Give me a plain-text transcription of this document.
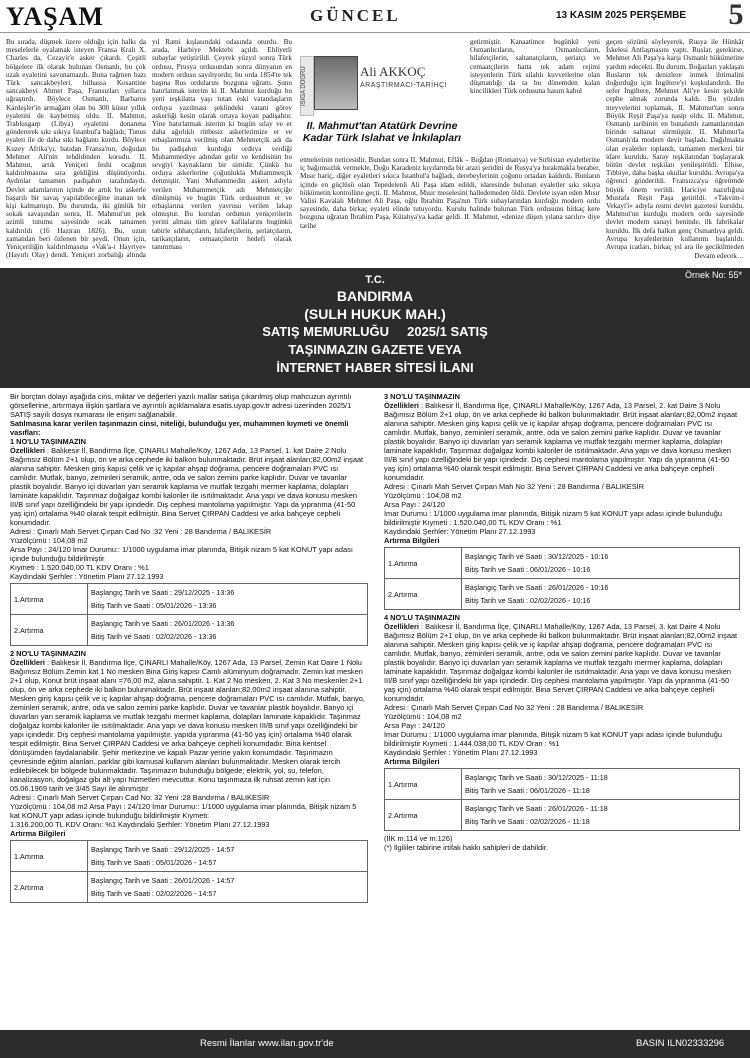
YAŞAM	GÜNCEL	13 KASIM 2025 PERŞEMBE 5

Bu sırada, düşmek üzere olduğu için halkı da meselelerle oyalamak isteyen Fransa Kralı X. Charles da, Cezayir'e asker çıkardı. Çeşitli bölgelere ilk olarak bulunan Osmanlı, bu çok uzak eyaletini savunamazdı. Buna rağmen bazı Türk sancakbeyleri, bilhassa Kosantine sancakbeyi Ahmet Paşa, Fransızları yıllarca uğraştırdı. Böylece Osmanlı, Barbaros Kardeşler'in armağanı olan bu 300 küsur yıllık eyaletini de kaybetmiş oldu. II. Mahmut, Trablusgarp (Libya) eyaletini donanma göndererek sıkı sıkıya İstanbul'a bağladı; Tunus eyaleti ile de daha sıkı bağlantı kurdu. Böylece Kuzey Afrika'yı, batıdan Fransa'nın, doğudan Mehmet Ali'nin tehdidinden korudu. II. Mahmut, artık Yeniçeri feshi ocağının kaldırılmasına sıra geldiğini düşünüyordu. Aydınlar tamamen padişahın tarafındaydı. Devlet adamlarının içinde de artık bu askerle başarılı bir savaş yapılabileceğine inanan tek kişi kalmamıştı. Bu durumda, iki günlük bir sokak savaşından sonra, II. Mahmut'un pek azimli tutumu sayesinde ocak tamamen kaldırıldı (16 Haziran 1826). Bu, uzun zamandan beri özlenen bir şeydi. Onun için, Yeniçeriliğin kaldırılmasına «Vak'a-i Hayriye» (Hayırlı Olay) dendi. Yeniçeri zorbalığı altında

yıl Rami kışlasındaki odasında oturdu. Bu arada, Harbiye Mektebi açıldı. Ehliyetli subaylar yetiştirildi. Çeyrek yüzyıl sonra Türk ordusu, Prusya ordusundan sonra dünyanın en modern ordusu sayılıyordu; bu orda 1854'te tek başına Rus ordularını bozguna uğrattı. Şunu hatırlatmak isterim ki II. Mahmut kurduğu bu yeni teşkilatta yaşı tutan eski vatandaşların orduya yazılması şeklindeki vatani görev askerliği kesin olarak ortaya koyan padişahtır. Yine hatırlatmak isterim ki bugün sılay ve er daha ağırlıklı rütbesiz askerlerimize er ve erbaşlarımıza verilmiş olan Mehmetçik adı da bu padişahın kurduğu orduya verdiği Muhammediye adından gelir ve kendisinin bu sevgiyi kaynakların bir simidir. Çünkü bu orduya askerlerine çoğunlukla Muhammetçik denmiştir. Yani Muhammedin askeri adıyla verilen Muhammetçik adı Mehmetçiğe dönüşmüş ve bugün Türk ordusunun er ve erbaşlarına verilen yavrusu verilen lakap olmuştur. Bu kurulan ordunun yeniçerilerin yerini alması tüm görev kafilalarını bugünkü tabirle sıhhatçıların, hilafetçilerin, şeriatçıların, tarikatçıların, cemaatçilerin hedefi olarak tanımması

ISIĞA DOĞRU	Ali AKKOÇ
ARAŞTIRMACI-TARİHÇİ
II. Mahmut'tan Atatürk Devrine Kadar Türk Islahat ve İnkılapları

getirmiştir. Kanaatimce bugünkü yeni Osmanlıcıların, Osmanlıcıların, hilafetçilerin, saltanatçıların, şeriatçı ve cemaatçilerin hatta tek adam rejimi isteyenlerin Türk silahlı kuvvetlerine olan düşmanlığı da ta bu dönemden kalan kincilikleri Türk ordusuna hasım kabul

etmelerinin neticesidir. Bundan sonra II. Mahmut, Eflâk – Boğdan (Romanya) ve Sırbistan eyaletlerine iç bağımsızlık vermekle, Doğu Karadeniz kıyılarında bir arazi şeridini de Rusya'ya bırakmakla beraber, Mısır hariç, diğer eyaletleri sıkıca İstanbul'a bağladı, derebeylerinin çoğunu ortadan kaldırdı. Bunların içinde en güçlüsü olan Tepedelenli Ali Paşa idam edildi, idaresinde bulunan eyaletler sıkı sıkıya hükümetin kontrolüne geçti. II. Mahmut, Mısır meselesini halledemeden öldü. Devlete isyan eden Mısır Valisi Kavalalı Mehmet Ali Paşa, oğlu İbrahim Paşa'nın Türk subaylarından kurduğu modern ordu sayesinde, daha birkaç eyaleti elinde tutuyordu. Kurulu halinde bulunan Türk ordusunu birkaç kere bozguna uğratan İbrahim Paşa, Kütahya'ya kadar geldi. II. Mahmut, «denize düşen yılana sarılır» diye tarihe

geçen sözünü söyleyerek, Rusya ile Hünkâr İskelesi Antlaşmasını yaptı. Ruslar, gerekirse, Mehmet Ali Paşa'ya karşı Osmanlı hükümetine yardım edecekti. Bu durum, Boğazları yaklaşan Rusların tek denizlere inmek ihtimalini doğurduğu için İngiltere'yi kuşkulandırdı. Bu sefer İngiltere, Mehmet Ali'ye kesin şekilde cephe almak zorunda kaldı. Bu yüzden meyvelerini toplamak, II. Mahmut'tan sonra Büyük Reşit Paşa'ya nasip oldu. II. Mahmut, Osmanlı tarihinin en bunalımlı zamanlarından birinde saltanat sürmüştür. II. Mahmut'la Osmanlı'da modern devir başladı. Dağılmakta olan eyaletler toplandı, tamamen merkezi bir idare kuruldu. Saray teşkilatından başlayarak bütün devlet teşkilatı yenileştirildi. Elbise, Tıbbiye, daha başka okullar kuruldu. Avrupa'ya öğrenci gönderildi. Fransızca'ya öğretimde büyük önem verildi. Hariciye nazırlığına Mustafa Reşit Paşa getirildi. «Takvim-i Vekayi'i» adıyla resmi devlet gazetesi kuruldu. Mahmut'un kurduğu modern ordu sayesinde devlet modern sanayi beninde, ilk fabrikalar kuruldu. İlk defa halkın genç Osmanlıya geldi. Avrupa kıyafetlerinin kullanımı başlatıldı. Avrupa icatları, birkaç yıl ara ile gecikilmeden

Devam edecek…
Örnek No: 55*
T.C.
BANDIRMA
(SULH HUKUK MAH.)
SATIŞ MEMURLUĞU     2025/1 SATIŞ
TAŞINMAZIN GAZETE VEYA
İNTERNET HABER SİTESİ İLANI

Bir borçtan dolayı aşağıda cins, miktar ve değerleri yazılı mallar satışa çıkarılmış olup mahcuzun ayrıntılı görsellerine, artırmaya ilişkin şartlara ve ayrıntılı açıklamalara esatis.uyap.gov.tr adresi üzerinden 2025/1 SATIŞ sayılı dosya numarası ile erişim sağlanabilir.

Satılmasına karar verilen taşınmazın cinsi, niteliği, bulunduğu yer, muhammen kıymeti ve önemli vasıfları:

1 NO'LU TAŞINMAZIN

Özellikleri : Balıkesir İl, Bandırma İlçe, ÇINARLI Mahalle/Köy, 1267 Ada, 13 Parsel, 1. kat Daire 2 Nolu Bağımsız Bölüm 2+1 olup, ön ve arka cephede iki balkon bulunmaktadır. Brüt inşaat alanları;82,00m2 inşaat alanına sahiptir. Mesken giriş kapısı çelik ve iç kapılar ahşap doğrama, pencere doğramaları PVC ısı camlıdır. Mutfak, banyo, zeminleri seramik, antre, oda ve salon zemini parke kaplıdır. Duvar ve tavanlar plastik boyalıdır. Banyo içi duvarları yarı seramik kaplama ve mutfak tezgahı mermer kaplama, dolapları laminate kapaklıdır. Taşınmaz doğalgaz kombi kaloriler ile ısıtılmaktadır. Ana yapı ve dava konusu mesken III/B sınıf yapı özelliğindeki bir yapı içindedir. Dış cephesi mantolama yapılmıştır. Yapı da yıpranma (41-50 yaş için) ortalama %40 olarak tespit edilmiştir. Bina Servet ÇIRPAN Caddesi ve arka bahçeye cepheli konumdadır.

Adresi : Çınarlı Mah Servet Çırpan Cad No :32 Yeni : 28 Bandırma / BALIKESİR

Yüzölçümü : 104,08 m2

Arsa Payı : 24/120 İmar Durumu:: 1/1000 uygulama imar planında, Bitişik nizam 5 kat KONUT yapı adası içinde bulunduğu bildirilmiştir

Kıymeti : 1.520.040,00 TL KDV Oranı : %1

Kaydındaki Şerhler : Yönetim Planı 27.12.1993

1.Artırma	Başlangıç Tarih ve Saati : 29/12/2025 - 13:36
Bitiş Tarih ve Saati : 05/01/2026 - 13:36

2.Artırma	Başlangıç Tarih ve Saati : 26/01/2026 - 13:36
Bitiş Tarih ve Saati : 02/02/2026 - 13:36

2 NO'LU TAŞINMAZIN

Özellikleri : Balıkesir İl, Bandırma İlçe, ÇINARLI Mahalle/Köy, 1267 Ada, 13 Parsel, Zemin Kat Daire 1 Nolu Bağımsız Bölüm Zemin kat 1 No mesken Bina Giriş kapısı Camlı alüminyum doğramadır. Zemin kat mesken 2+1 olup, Konut brüt inşaat alanı =76,00 m2, alana sahiptir. 1. Kat 2 No mesken, 2. Kat 3 No meskenler 2+1 olup, ön ve arka cephede iki balkon bulunmaktadır. Brüt inşaat alanları;82,00m2 inşaat alanına sahiptir. Mesken giriş kapısı çelik ve iç kapılar ahşap doğrama, pencere doğramaları PVC ısı camlıdır. Mutfak, banyo, zeminleri seramik, antre, oda ve salon zemini parke kaplıdır. Duvar ve tavanlar plastik boyalıdır. Banyo içi duvarları yarı seramik kaplama ve mutfak tezgahı mermer kaplama, dolapları laminate kapaklıdır. Taşınmaz doğalgaz kombi kaloriler ile ısıtılmaktadır. Ana yapı ve dava konusu mesken III/B sınıf yapı özelliğindeki bir yapı içindedir. Dış cephesi mantolama yapılmıştır. yapıda yıpranma (41-50 yaş için) ortalama %40 olarak tespit edilmiştir. Bina Servet ÇIRPAN Caddesi ve arka bahçeye cepheli konumdadır. Bina kentsel dönüşümden faydalanabilir. Şehir merkezine ve kapalı Pazar yerine yakın konumdadır. Taşınmazın çevresinde eğitim alanları, parklar gibi kamusal kullanım alanları bulunmaktadır. Mesken olarak tercih edilebilecek bir bölgede bulunmaktadır. Taşınmazın bulunduğu bölgede; elektrik, yol, su, telefon, kanalizasyon, doğalgaz gibi alt yapı hizmetleri mevcuttur. Konu taşınmaza ilk ruhsat zemin kat için 05.06.1969 tarih ve 3/45 Sayı ile alınmıştır

Adresi : Çınarlı Mah Servet Çırpan Cad No: 32 Yeni :28 Bandırma / BALIKESİR

Yüzölçümü : 104,08 m2 Arsa Payı : 24/120 İmar Durumu:: 1/1000 uygulama imar planında, Bitişik nizam 5 kat KONUT yapı adası içinde bulunduğu bildirilmiştir Kıymeti:

1.316.200,00 TL KDV Oranı: %1 Kaydındaki Şerhler: Yönetim Planı 27.12.1993

Artırma Bilgileri

1.Artırma	Başlangıç Tarih ve Saati : 29/12/2025 - 14:57
Bitiş Tarih ve Saati : 05/01/2026 - 14:57

2.Artırma	Başlangıç Tarih ve Saati : 26/01/2026 - 14:57
Bitiş Tarih ve Saati : 02/02/2026 - 14:57

3 NO'LU TAŞINMAZIN

Özellikleri : Balıkesir İl, Bandırma İlçe, ÇINARLI Mahalle/Köy, 1267 Ada, 13 Parsel, 2. kat Daire 3 Nolu Bağımsız Bölüm 2+1 olup, ön ve arka cephede iki balkon bulunmaktadır. Brüt inşaat alanları;82,00m2 inşaat alanına sahiptir. Mesken giriş kapısı çelik ve iç kapılar ahşap doğrama, pencere doğramaları PVC ısı camlıdır. Mutfak, banyo, zeminleri seramik, antre, oda ve salon zemini parke kaplıdır. Duvar ve tavanlar plastik boyalıdır. Banyo içi duvarları yarı seramik kaplama ve mutfak tezgahı mermer kaplama, dolapları laminate kapaklıdır. Taşınmaz doğalgaz kombi kaloriler ile ısıtılmaktadır. Ana yapı ve dava konusu mesken III/B sınıf yapı özelliğindeki bir yapı içindedir. Dış cephesi mantolama yapılmıştır. Yapı da yıpranma (41-50 yaş için) ortalama %40 olarak tespit edilmiştir. Bina Servet ÇIRPAN Caddesi ve arka bahçeye cepheli konumdadır.

Adresi : Çınarlı Mah Servet Çırpan Mah No 32 Yeni : 28 Bandırma / BALIKESİR

Yüzölçümü : 104,08 m2

Arsa Payı : 24/120

İmar Durumu : 1/1000 uygulama imar planında, Bitişik nizam 5 kat KONUT yapı adası içinde bulunduğu bildirilmiştir Kıymeti : 1.520.040,00 TL KDV Oranı : %1

Kaydındaki Şerhler: Yönetim Planı 27.12.1993

Artırma Bilgileri

1.Artırma	Başlangıç Tarih ve Saati : 30/12/2025 - 10:16
Bitiş Tarih ve Saati : 06/01/2026 - 10:16

2.Artırma	Başlangıç Tarih ve Saati : 26/01/2026 - 10:16
Bitiş Tarih ve Saati : 02/02/2026 - 10:16

4 NO'LU TAŞINMAZIN

Özellikleri : Balıkesir İl, Bandırma İlçe, ÇINARLI Mahalle/Köy, 1267 Ada, 13 Parsel, 3. kat Daire 4 Nolu Bağımsız Bölüm 2+1 olup, ön ve arka cephede iki balkon bulunmaktadır. Brüt inşaat alanları;82,00m2 inşaat alanına sahiptir. Mesken giriş kapısı çelik ve iç kapılar ahşap doğrama, pencere doğramaları PVC ısı camlıdır. Mutfak, banyo, zeminleri seramik, antre, oda ve salon zemini parke kaplıdır. Duvar ve tavanlar plastik boyalıdır. Banyo içi duvarları yarı seramik kaplama ve mutfak tezgahı mermer kaplama, dolapları laminate kapaklıdır. Taşınmaz doğalgaz kombi kaloriler ile ısıtılmaktadır. Ana yapı ve dava konusu mesken III/B sınıf yapı özelliğindeki bir yapı içindedir. Dış cephesi mantolama yapılmıştır. Yapı da yıpranma (41-50 yaş için) ortalama %40 olarak tespit edilmiştir. Bina Servet ÇIRPAN Caddesi ve arka bahçeye cepheli konumdadır.

Adresi : Çınarlı Mah Servet Çırpan Cad No 32 Yeni : 28 Bandırma / BALIKESİR

Yüzölçümü : 104,08 m2

Arsa Payı : 24/120

İmar Durumu : 1/1000 uygulama imar planında, Bitişik nizam 5 kat KONUT yapı adası içinde bulunduğu bildirilmiştir Kıymeti : 1.444.038,00 TL KDV Oran : %1

Kaydındaki Şerhler : Yönetim Planı 27.12.1993

Artırma Bilgileri

1.Artırma	Başlangıç Tarih ve Saati : 30/12/2025 - 11:18
Bitiş Tarih ve Saati : 06/01/2026 - 11:18

2.Artırma	Başlangıç Tarih ve Saati : 26/01/2026 - 11:18
Bitiş Tarih ve Saati : 02/02/2026 - 11:18

(İİK m.114 ve m.126)

(*) İlgililer tabirine irtifak hakkı sahipleri de dahildir.

Resmi İlanlar www.ilan.gov.tr'de	BASIN ILN02333296
